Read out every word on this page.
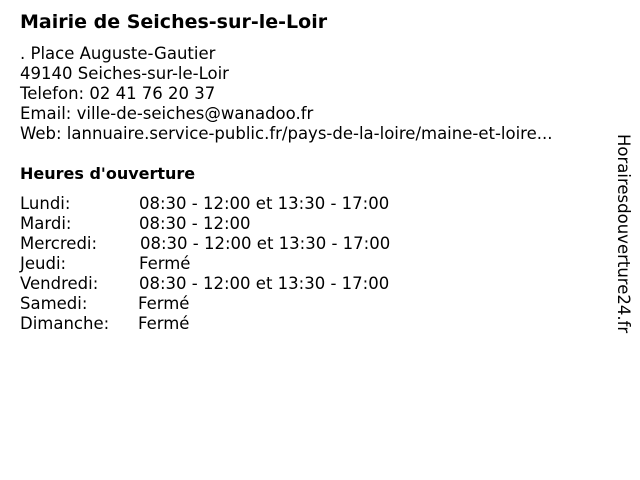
Mairie de Seiches-sur-le-Loir
. Place Auguste-Gautier
49140 Seiches-sur-le-Loir
Telefon: 02 41 76 20 37
Email: ville-de-seiches@wanadoo.fr
Web: lannuaire.service-public.fr/pays-de-la-loire/maine-et-loire...
Heures d'ouverture
Lundi:	08:30 - 12:00 et 13:30 - 17:00
Mardi:	08:30 - 12:00
Mercredi:	08:30 - 12:00 et 13:30 - 17:00
Jeudi:	Fermé
Vendredi: 08:30 - 12:00 et 13:30 - 17:00
Samedi:	Fermé
Dimanche: Fermé	Horairesdouverture24.fr
